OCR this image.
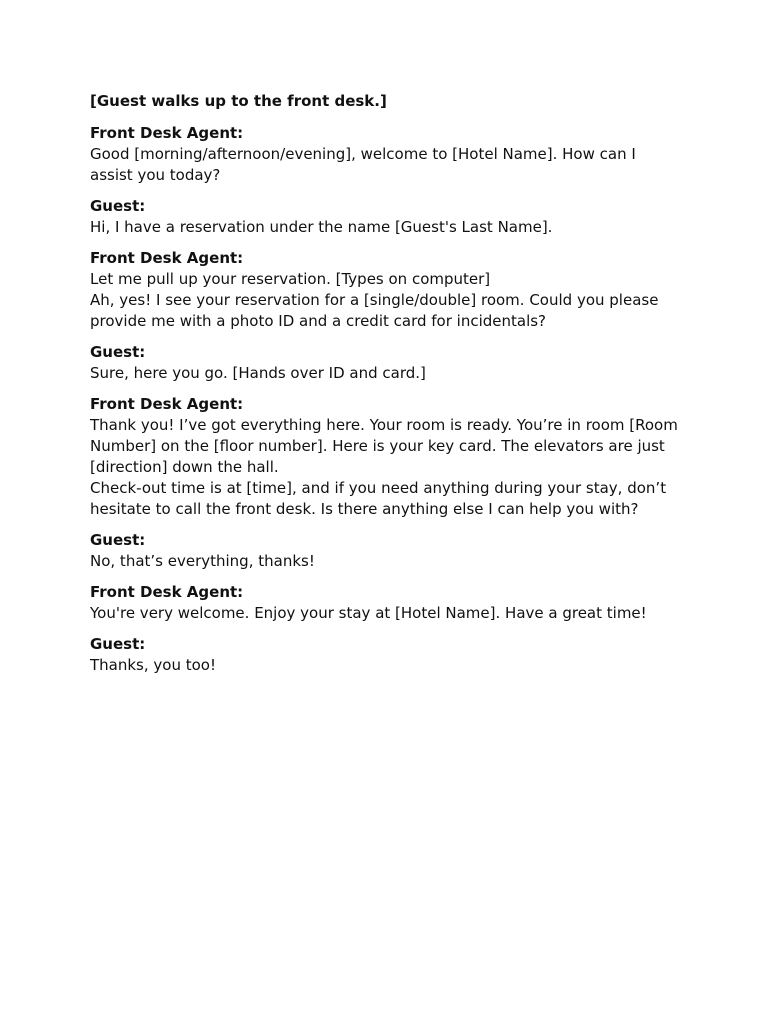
[Guest walks up to the front desk.]

Front Desk Agent:
Good [morning/afternoon/evening], welcome to [Hotel Name]. How can I assist you today?
Guest:
Hi, I have a reservation under the name [Guest's Last Name].
Front Desk Agent:
Let me pull up your reservation. [Types on computer]
Ah, yes! I see your reservation for a [single/double] room. Could you please provide me with a photo ID and a credit card for incidentals?
Guest:
Sure, here you go. [Hands over ID and card.]
Front Desk Agent:
Thank you! I’ve got everything here. Your room is ready. You’re in room [Room Number] on the [floor number]. Here is your key card. The elevators are just [direction] down the hall.
Check-out time is at [time], and if you need anything during your stay, don’t hesitate to call the front desk. Is there anything else I can help you with?
Guest:
No, that’s everything, thanks!
Front Desk Agent:
You're very welcome. Enjoy your stay at [Hotel Name]. Have a great time!
Guest:
Thanks, you too!
